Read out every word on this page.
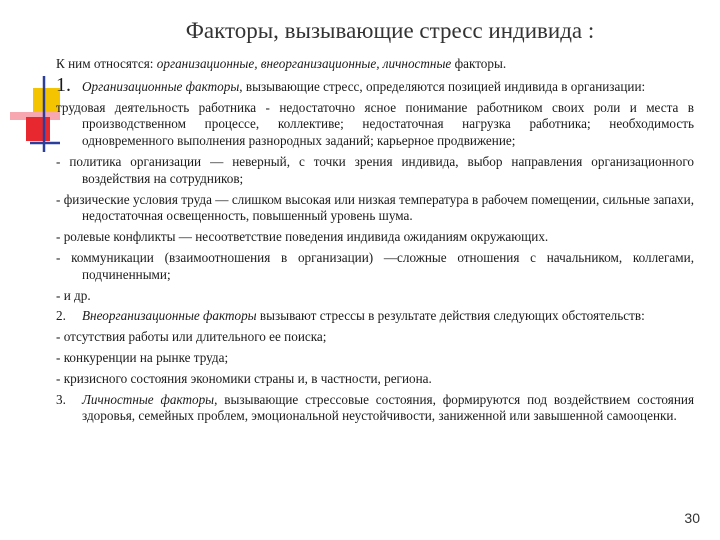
Факторы, вызывающие стресс индивида :

К ним относятся: организационные, внеорганизационные, личностные факторы.

1. Организационные факторы, вызывающие стресс, определяются позицией индивида в организации:

трудовая деятельность работника - недостаточно ясное понимание работником своих роли и места в производственном процессе, коллективе; недостаточная нагрузка работника; необходимость одновременного выполнения разнородных заданий; карьерное продвижение;

- политика организации — неверный, с точки зрения индивида, выбор направления организационного воздействия на сотрудников;

- физические условия труда — слишком высокая или низкая температура в рабочем помещении, сильные запахи, недостаточная освещенность, повышенный уровень шума.

- ролевые конфликты — несоответствие поведения индивида ожиданиям окружающих.

- коммуникации (взаимоотношения в организации) —сложные отношения с начальником, коллегами, подчиненными;

- и др.

2. Внеорганизационные факторы вызывают стрессы в результате действия следующих обстоятельств:

- отсутствия работы или длительного ее поиска;

- конкуренции на рынке труда;

- кризисного состояния экономики страны и, в частности, региона.

3. Личностные факторы, вызывающие стрессовые состояния, формируются под воздействием состояния здоровья, семейных проблем, эмоциональной неустойчивости, заниженной или завышенной самооценки.

30
